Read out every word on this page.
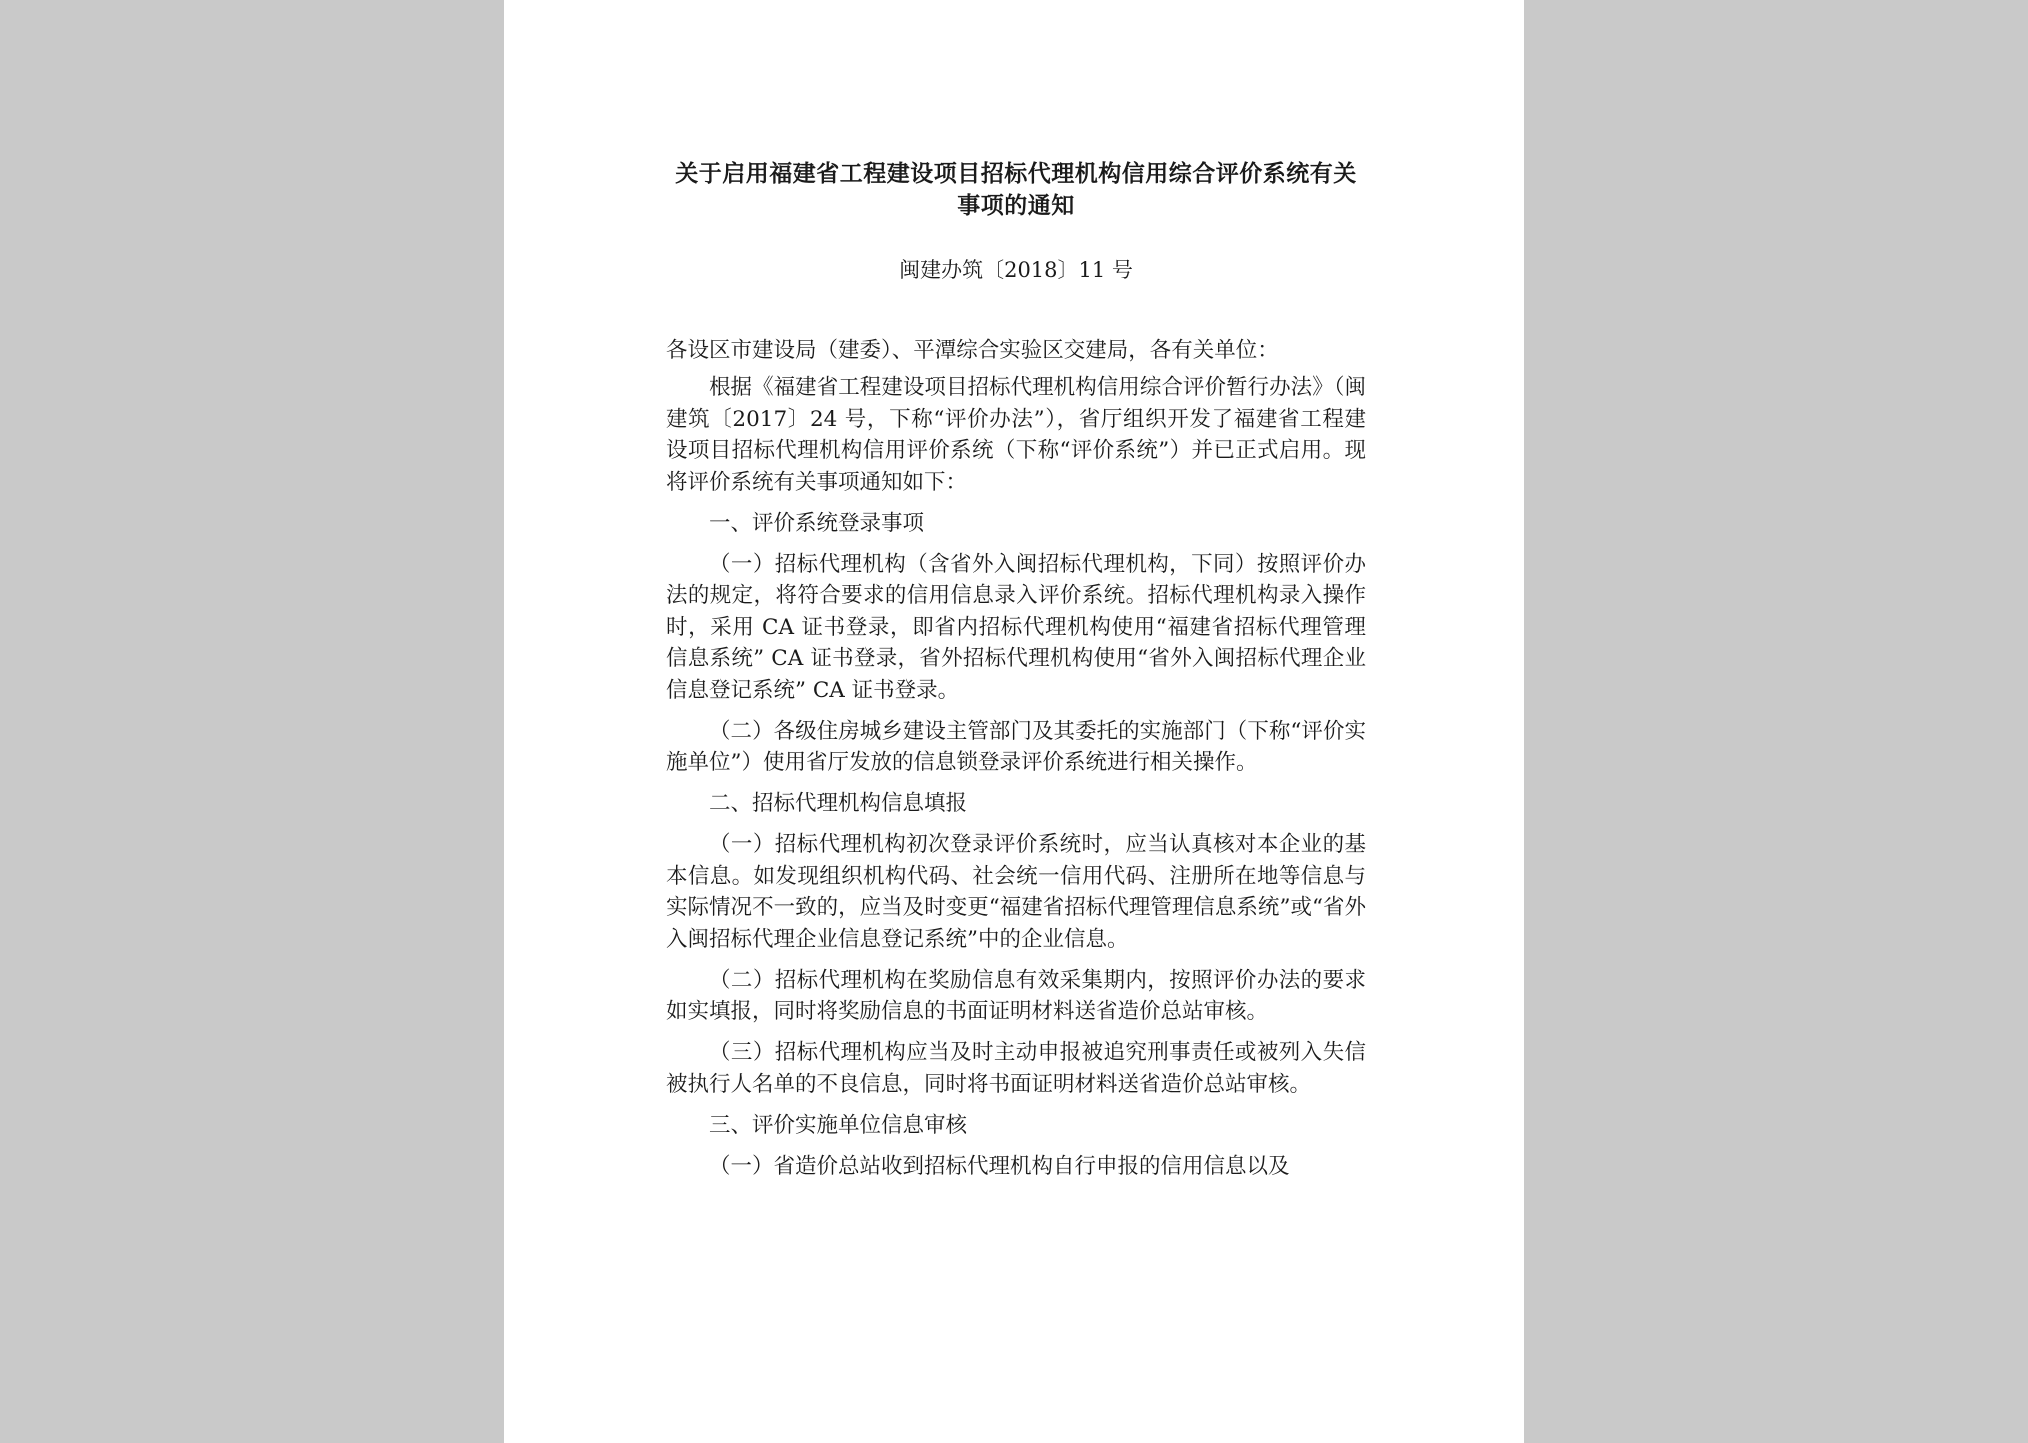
关于启用福建省工程建设项目招标代理机构信用综合评价系统有关
事项的通知
闽建办筑〔2018〕11 号
各设区市建设局（建委）、平潭综合实验区交建局，各有关单位：

根据《福建省工程建设项目招标代理机构信用综合评价暂行办法》（闽建筑〔2017〕24 号，下称“评价办法”），省厅组织开发了福建省工程建设项目招标代理机构信用评价系统（下称“评价系统”）并已正式启用。现将评价系统有关事项通知如下：

一、评价系统登录事项

（一）招标代理机构（含省外入闽招标代理机构，下同）按照评价办法的规定，将符合要求的信用信息录入评价系统。招标代理机构录入操作时，采用 CA 证书登录，即省内招标代理机构使用“福建省招标代理管理信息系统” CA 证书登录，省外招标代理机构使用“省外入闽招标代理企业信息登记系统” CA 证书登录。

（二）各级住房城乡建设主管部门及其委托的实施部门（下称“评价实施单位”）使用省厅发放的信息锁登录评价系统进行相关操作。

二、招标代理机构信息填报

（一）招标代理机构初次登录评价系统时，应当认真核对本企业的基本信息。如发现组织机构代码、社会统一信用代码、注册所在地等信息与实际情况不一致的，应当及时变更“福建省招标代理管理信息系统”或“省外入闽招标代理企业信息登记系统”中的企业信息。

（二）招标代理机构在奖励信息有效采集期内，按照评价办法的要求如实填报，同时将奖励信息的书面证明材料送省造价总站审核。

（三）招标代理机构应当及时主动申报被追究刑事责任或被列入失信被执行人名单的不良信息，同时将书面证明材料送省造价总站审核。

三、评价实施单位信息审核

（一）省造价总站收到招标代理机构自行申报的信用信息以及
